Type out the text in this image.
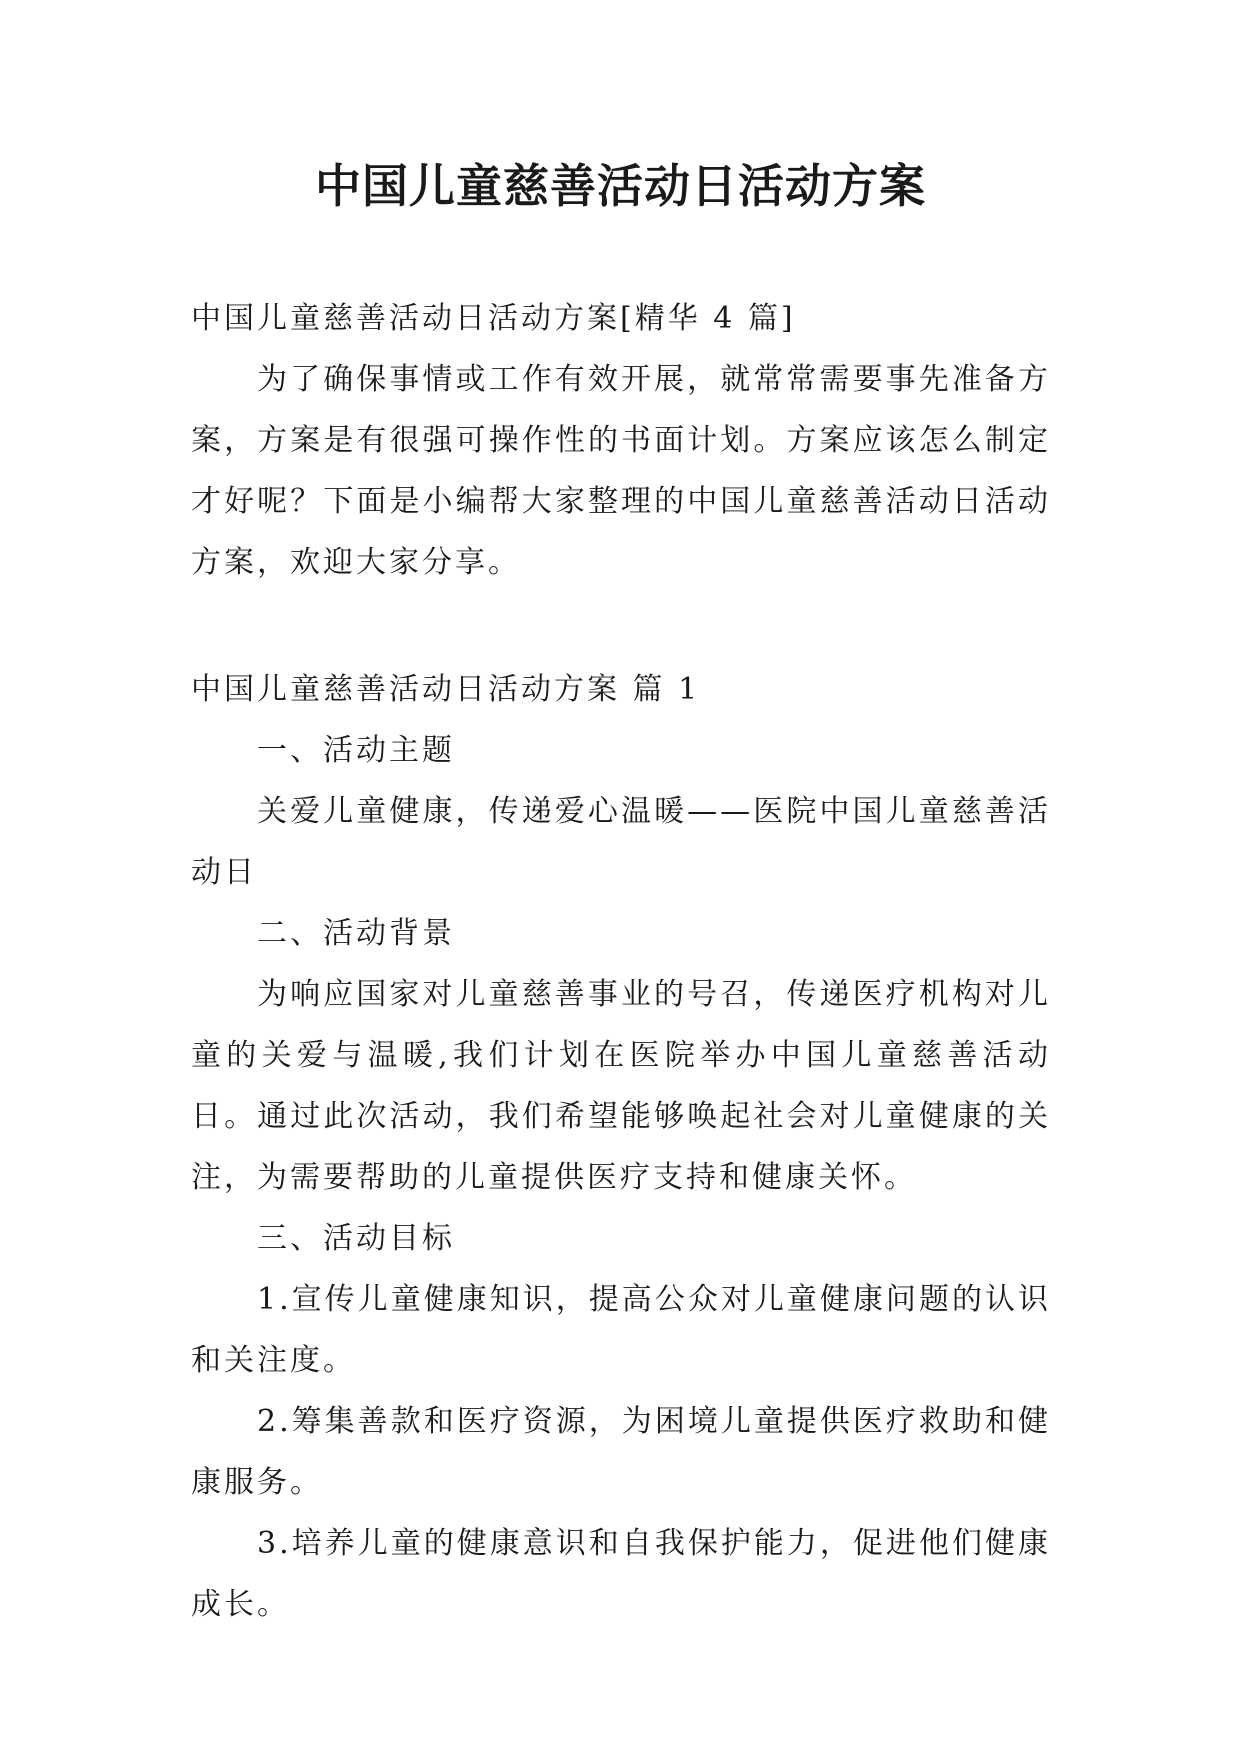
中国儿童慈善活动日活动方案

中国儿童慈善活动日活动方案[精华 4 篇]

为了确保事情或工作有效开展，就常常需要事先准备方案，方案是有很强可操作性的书面计划。方案应该怎么制定才好呢？下面是小编帮大家整理的中国儿童慈善活动日活动方案，欢迎大家分享。

中国儿童慈善活动日活动方案 篇 1

一、活动主题

关爱儿童健康，传递爱心温暖——医院中国儿童慈善活动日

二、活动背景

为响应国家对儿童慈善事业的号召，传递医疗机构对儿童的关爱与温暖,我们计划在医院举办中国儿童慈善活动日。通过此次活动，我们希望能够唤起社会对儿童健康的关注，为需要帮助的儿童提供医疗支持和健康关怀。

三、活动目标

1.宣传儿童健康知识，提高公众对儿童健康问题的认识和关注度。

2.筹集善款和医疗资源，为困境儿童提供医疗救助和健康服务。

3.培养儿童的健康意识和自我保护能力，促进他们健康成长。
